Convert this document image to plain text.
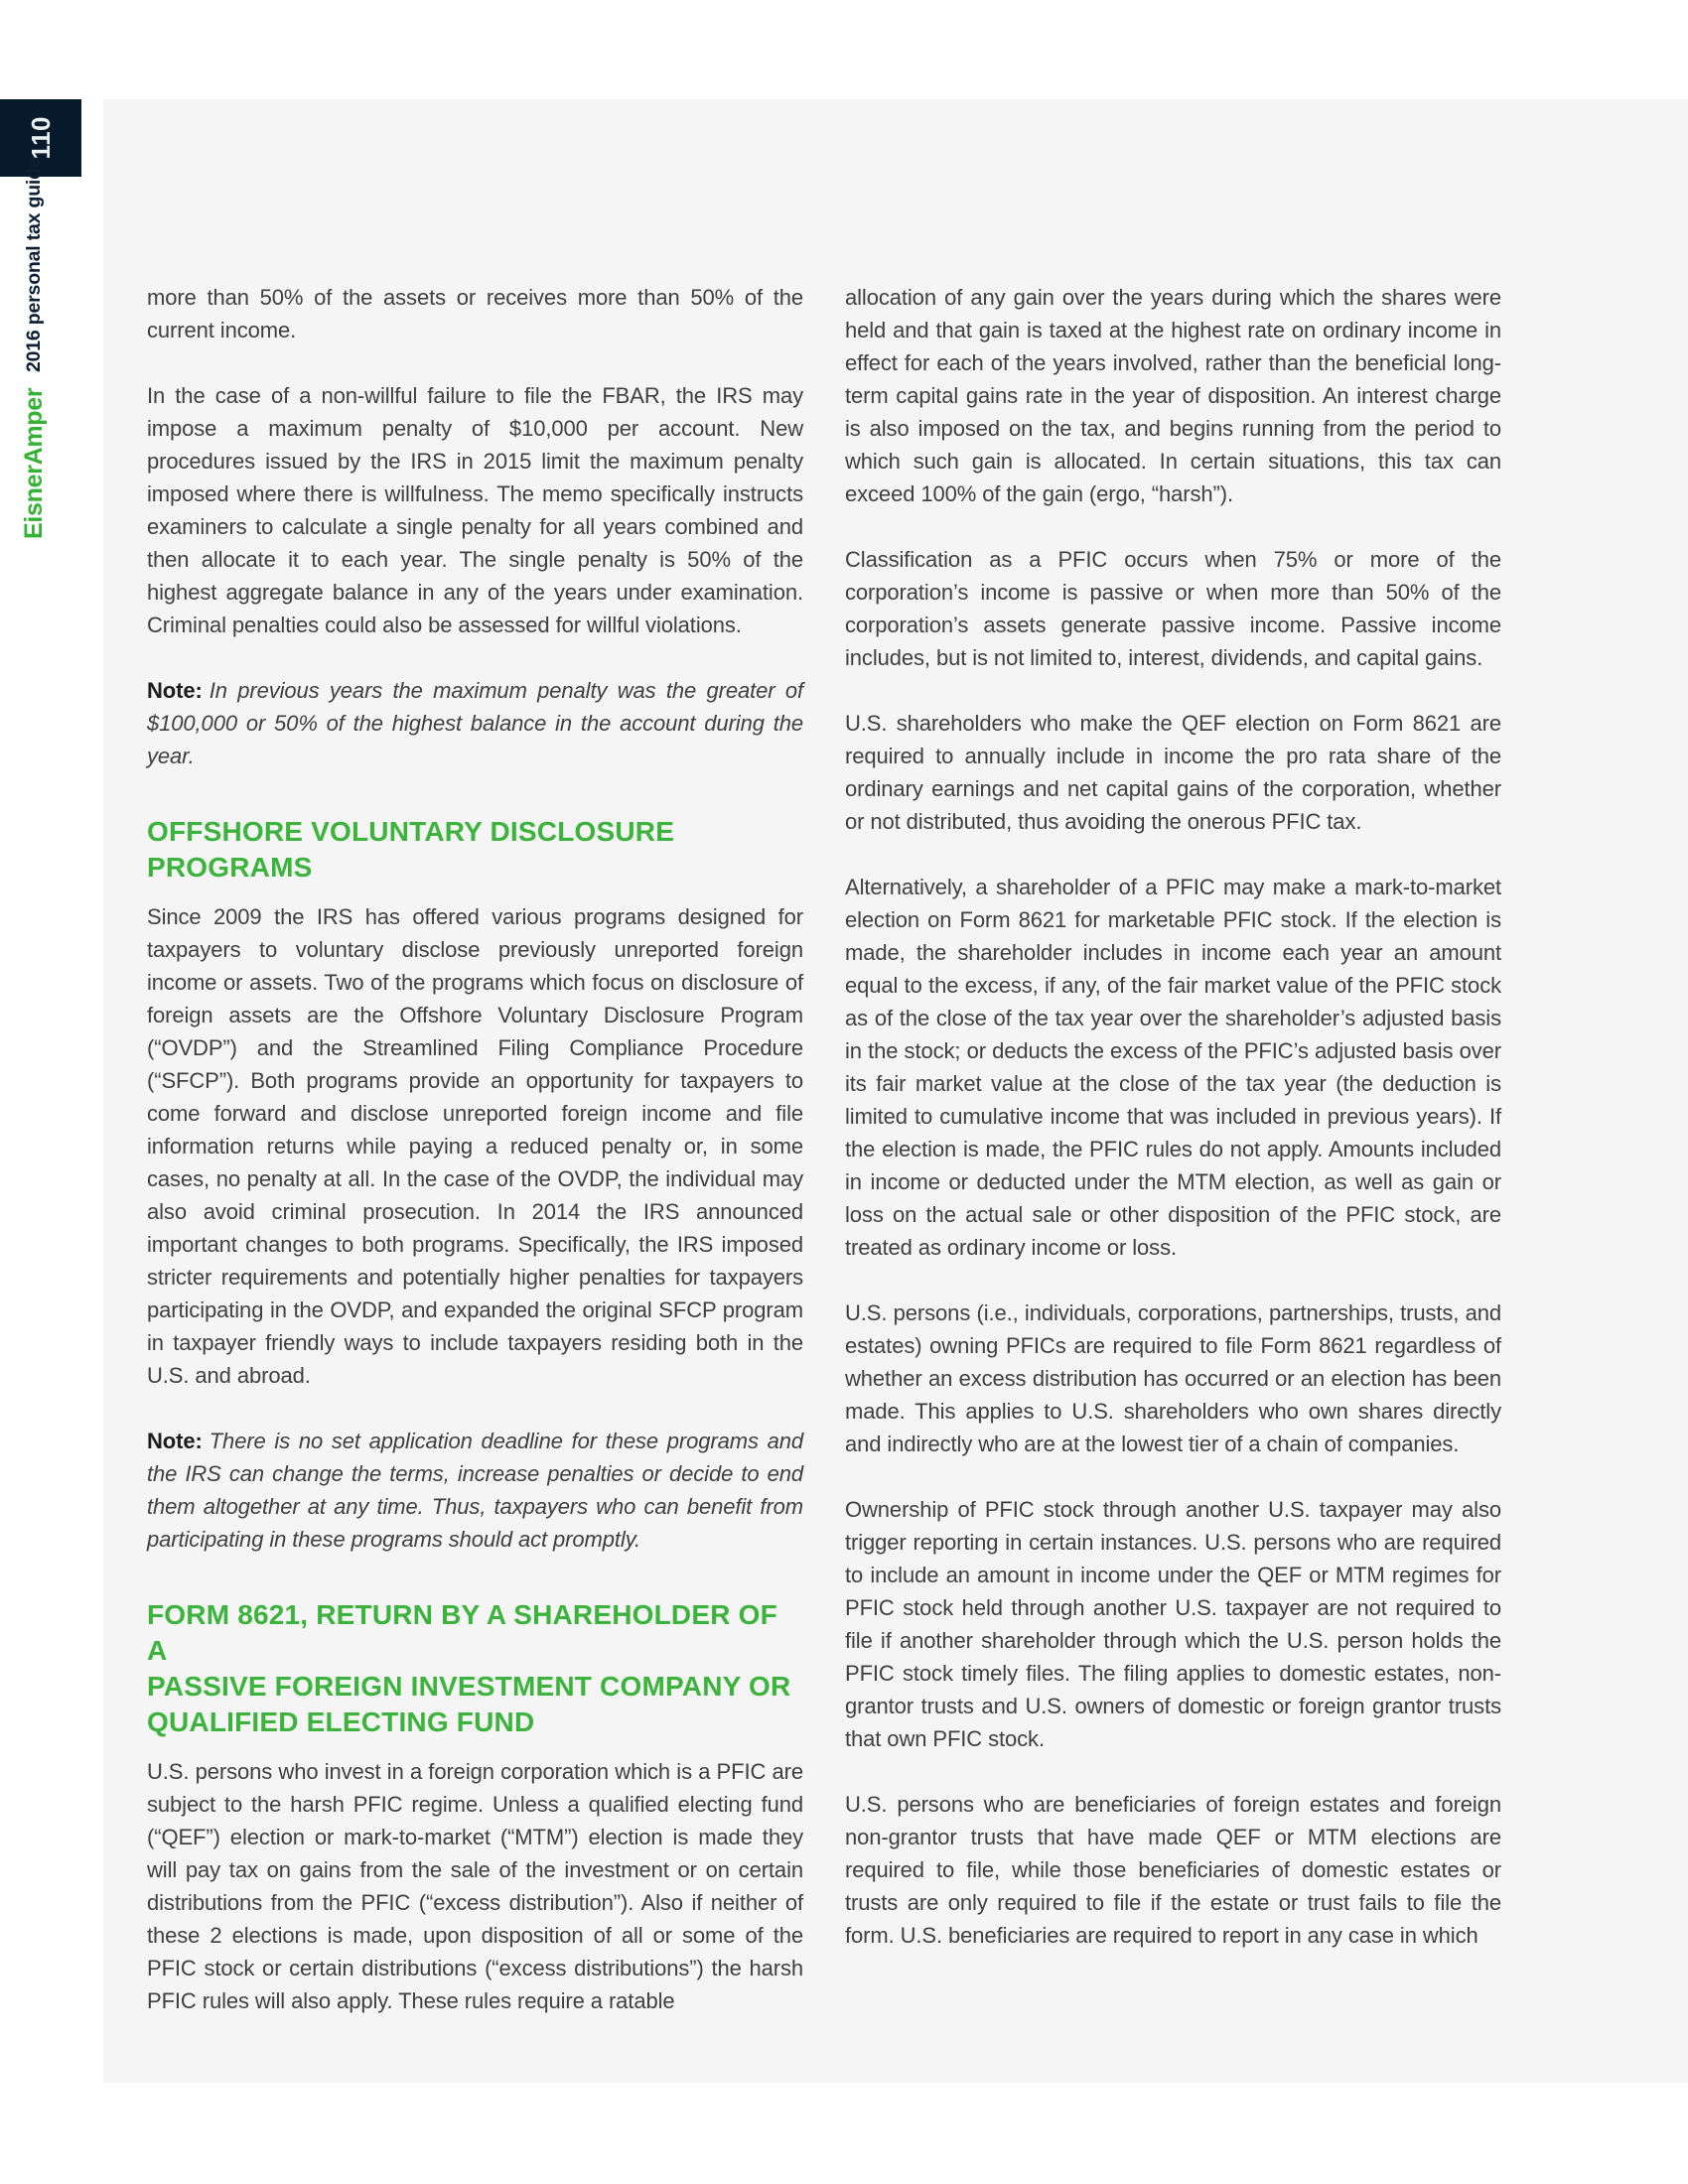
110
EisnerAmper2016 personal tax guide	more than 50% of the assets or receives more than 50% of the current income.

In the case of a non-willful failure to file the FBAR, the IRS may impose a maximum penalty of $10,000 per account. New procedures issued by the IRS in 2015 limit the maximum penalty imposed where there is willfulness. The memo specifically instructs examiners to calculate a single penalty for all years combined and then allocate it to each year. The single penalty is 50% of the highest aggregate balance in any of the years under examination. Criminal penalties could also be assessed for willful violations.

Note: In previous years the maximum penalty was the greater of $100,000 or 50% of the highest balance in the account during the year.

OFFSHORE VOLUNTARY DISCLOSURE
PROGRAMS

Since 2009 the IRS has offered various programs designed for taxpayers to voluntary disclose previously unreported foreign income or assets. Two of the programs which focus on disclosure of foreign assets are the Offshore Voluntary Disclosure Program (“OVDP”) and the Streamlined Filing Compliance Procedure (“SFCP”). Both programs provide an opportunity for taxpayers to come forward and disclose unreported foreign income and file information returns while paying a reduced penalty or, in some cases, no penalty at all. In the case of the OVDP, the individual may also avoid criminal prosecution. In 2014 the IRS announced important changes to both programs. Specifically, the IRS imposed stricter requirements and potentially higher penalties for taxpayers participating in the OVDP, and expanded the original SFCP program in taxpayer friendly ways to include taxpayers residing both in the U.S. and abroad.

Note: There is no set application deadline for these programs and the IRS can change the terms, increase penalties or decide to end them altogether at any time. Thus, taxpayers who can benefit from participating in these programs should act promptly.

FORM 8621, RETURN BY A SHAREHOLDER OF A
PASSIVE FOREIGN INVESTMENT COMPANY OR
QUALIFIED ELECTING FUND

U.S. persons who invest in a foreign corporation which is a PFIC are subject to the harsh PFIC regime. Unless a qualified electing fund (“QEF”) election or mark-to-market (“MTM”) election is made they will pay tax on gains from the sale of the investment or on certain distributions from the PFIC (“excess distribution”). Also if neither of these 2 elections is made, upon disposition of all or some of the PFIC stock or certain distributions (“excess distributions”) the harsh PFIC rules will also apply. These rules require a ratable

allocation of any gain over the years during which the shares were held and that gain is taxed at the highest rate on ordinary income in effect for each of the years involved, rather than the beneficial long-term capital gains rate in the year of disposition. An interest charge is also imposed on the tax, and begins running from the period to which such gain is allocated. In certain situations, this tax can exceed 100% of the gain (ergo, “harsh”).

Classification as a PFIC occurs when 75% or more of the corporation’s income is passive or when more than 50% of the corporation’s assets generate passive income. Passive income includes, but is not limited to, interest, dividends, and capital gains.

U.S. shareholders who make the QEF election on Form 8621 are required to annually include in income the pro rata share of the ordinary earnings and net capital gains of the corporation, whether or not distributed, thus avoiding the onerous PFIC tax.

Alternatively, a shareholder of a PFIC may make a mark-to-market election on Form 8621 for marketable PFIC stock. If the election is made, the shareholder includes in income each year an amount equal to the excess, if any, of the fair market value of the PFIC stock as of the close of the tax year over the shareholder’s adjusted basis in the stock; or deducts the excess of the PFIC’s adjusted basis over its fair market value at the close of the tax year (the deduction is limited to cumulative income that was included in previous years). If the election is made, the PFIC rules do not apply. Amounts included in income or deducted under the MTM election, as well as gain or loss on the actual sale or other disposition of the PFIC stock, are treated as ordinary income or loss.

U.S. persons (i.e., individuals, corporations, partnerships, trusts, and estates) owning PFICs are required to file Form 8621 regardless of whether an excess distribution has occurred or an election has been made. This applies to U.S. shareholders who own shares directly and indirectly who are at the lowest tier of a chain of companies.

Ownership of PFIC stock through another U.S. taxpayer may also trigger reporting in certain instances. U.S. persons who are required to include an amount in income under the QEF or MTM regimes for PFIC stock held through another U.S. taxpayer are not required to file if another shareholder through which the U.S. person holds the PFIC stock timely files. The filing applies to domestic estates, non-grantor trusts and U.S. owners of domestic or foreign grantor trusts that own PFIC stock.

U.S. persons who are beneficiaries of foreign estates and foreign non-grantor trusts that have made QEF or MTM elections are required to file, while those beneficiaries of domestic estates or trusts are only required to file if the estate or trust fails to file the form. U.S. beneficiaries are required to report in any case in which
